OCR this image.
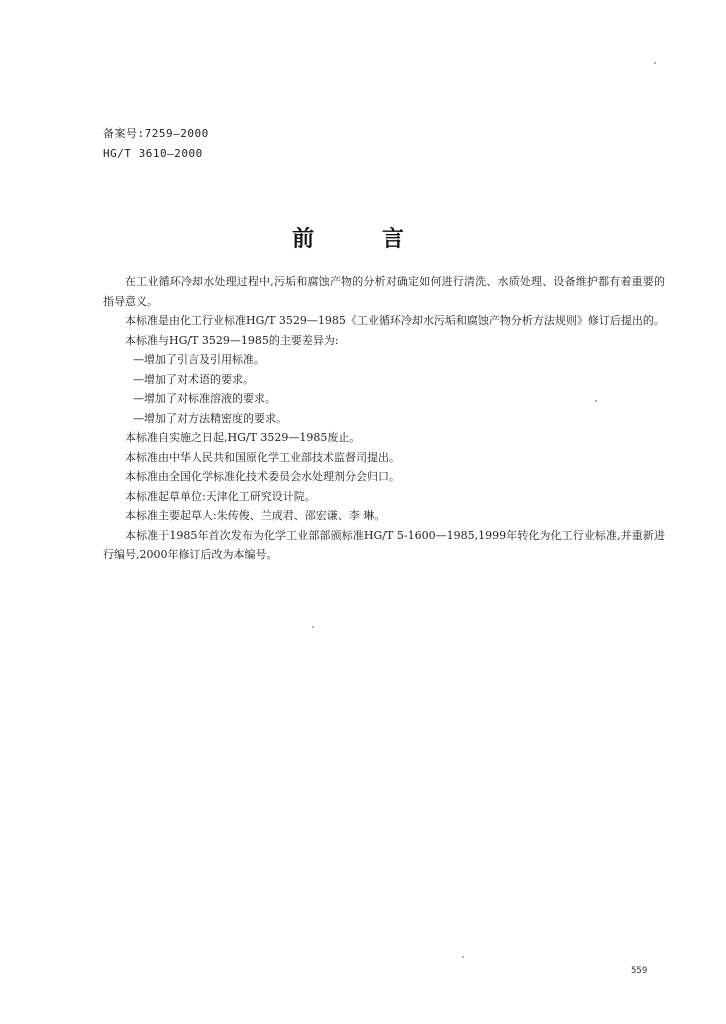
备案号:7259—2000
HG/T 3610—2000
前 言

在工业循环冷却水处理过程中,污垢和腐蚀产物的分析对确定如何进行清洗、水质处理、设备维护都有着重要的指导意义。

本标准是由化工行业标准HG/T 3529—1985《工业循环冷却水污垢和腐蚀产物分析方法规则》修订后提出的。

本标准与HG/T 3529—1985的主要差异为:

—增加了引言及引用标准。

—增加了对术语的要求。

—增加了对标准溶液的要求。

—增加了对方法精密度的要求。

本标准自实施之日起,HG/T 3529—1985废止。

本标准由中华人民共和国原化学工业部技术监督司提出。

本标准由全国化学标准化技术委员会水处理剂分会归口。

本标准起草单位:天津化工研究设计院。

本标准主要起草人:朱传俊、兰成君、邵宏谦、李 琳。

本标准于1985年首次发布为化学工业部部颁标准HG/T 5-1600—1985,1999年转化为化工行业标准,并重新进行编号,2000年修订后改为本编号。

559
